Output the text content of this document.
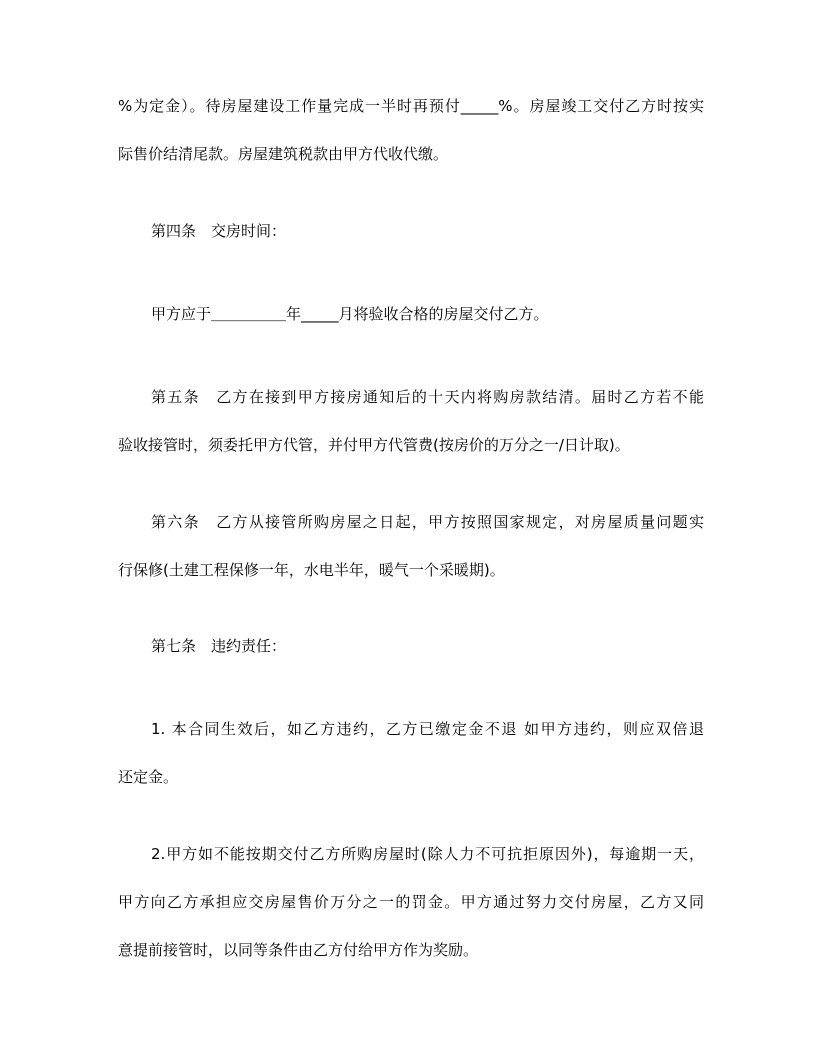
%为定金）。待房屋建设工作量完成一半时再预付_____%。房屋竣工交付乙方时按实
际售价结清尾款。房屋建筑税款由甲方代收代缴。

第四条　交房时间：

甲方应于＿＿＿＿＿年_____月将验收合格的房屋交付乙方。

第五条　乙方在接到甲方接房通知后的十天内将购房款结清。届时乙方若不能
验收接管时，须委托甲方代管，并付甲方代管费(按房价的万分之一/日计取)。

第六条　乙方从接管所购房屋之日起，甲方按照国家规定，对房屋质量问题实
行保修(土建工程保修一年，水电半年，暖气一个采暖期)。

第七条　违约责任：

1. 本合同生效后，如乙方违约，乙方已缴定金不退 如甲方违约，则应双倍退
还定金。

2.甲方如不能按期交付乙方所购房屋时(除人力不可抗拒原因外)，每逾期一天，
甲方向乙方承担应交房屋售价万分之一的罚金。甲方通过努力交付房屋，乙方又同
意提前接管时，以同等条件由乙方付给甲方作为奖励。
